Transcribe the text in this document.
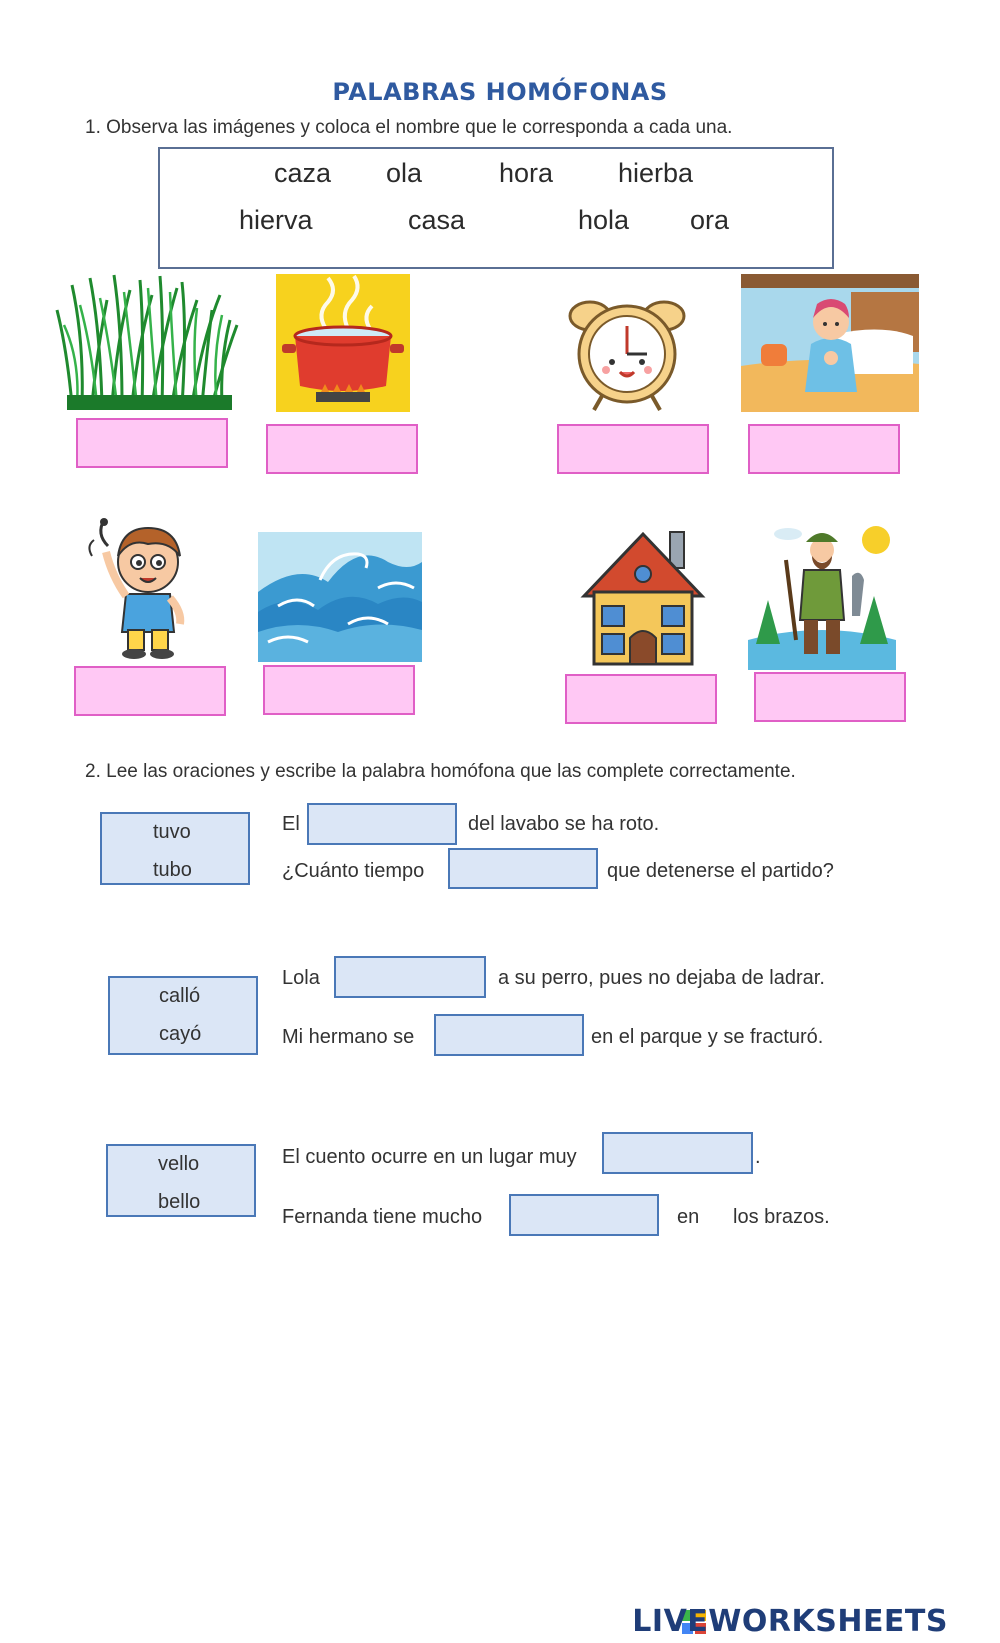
PALABRAS HOMÓFONAS
1. Observa las imágenes y coloca el nombre que le corresponda a cada una.
caza ola	hora hierba
hierva	casa	hola ora
2. Lee las oraciones y escribe la palabra homófona que las complete correctamente.
tuvo
tubo
El	del lavabo se ha roto.
¿Cuánto tiempo	que detenerse el partido?
calló
cayó
Lola	a su perro, pues no dejaba de ladrar.
Mi hermano se	en el parque y se fracturó.
vello
bello
El cuento ocurre en un lugar muy	.
Fernanda tiene mucho	en los brazos.
LIVEWORKSHEETS
